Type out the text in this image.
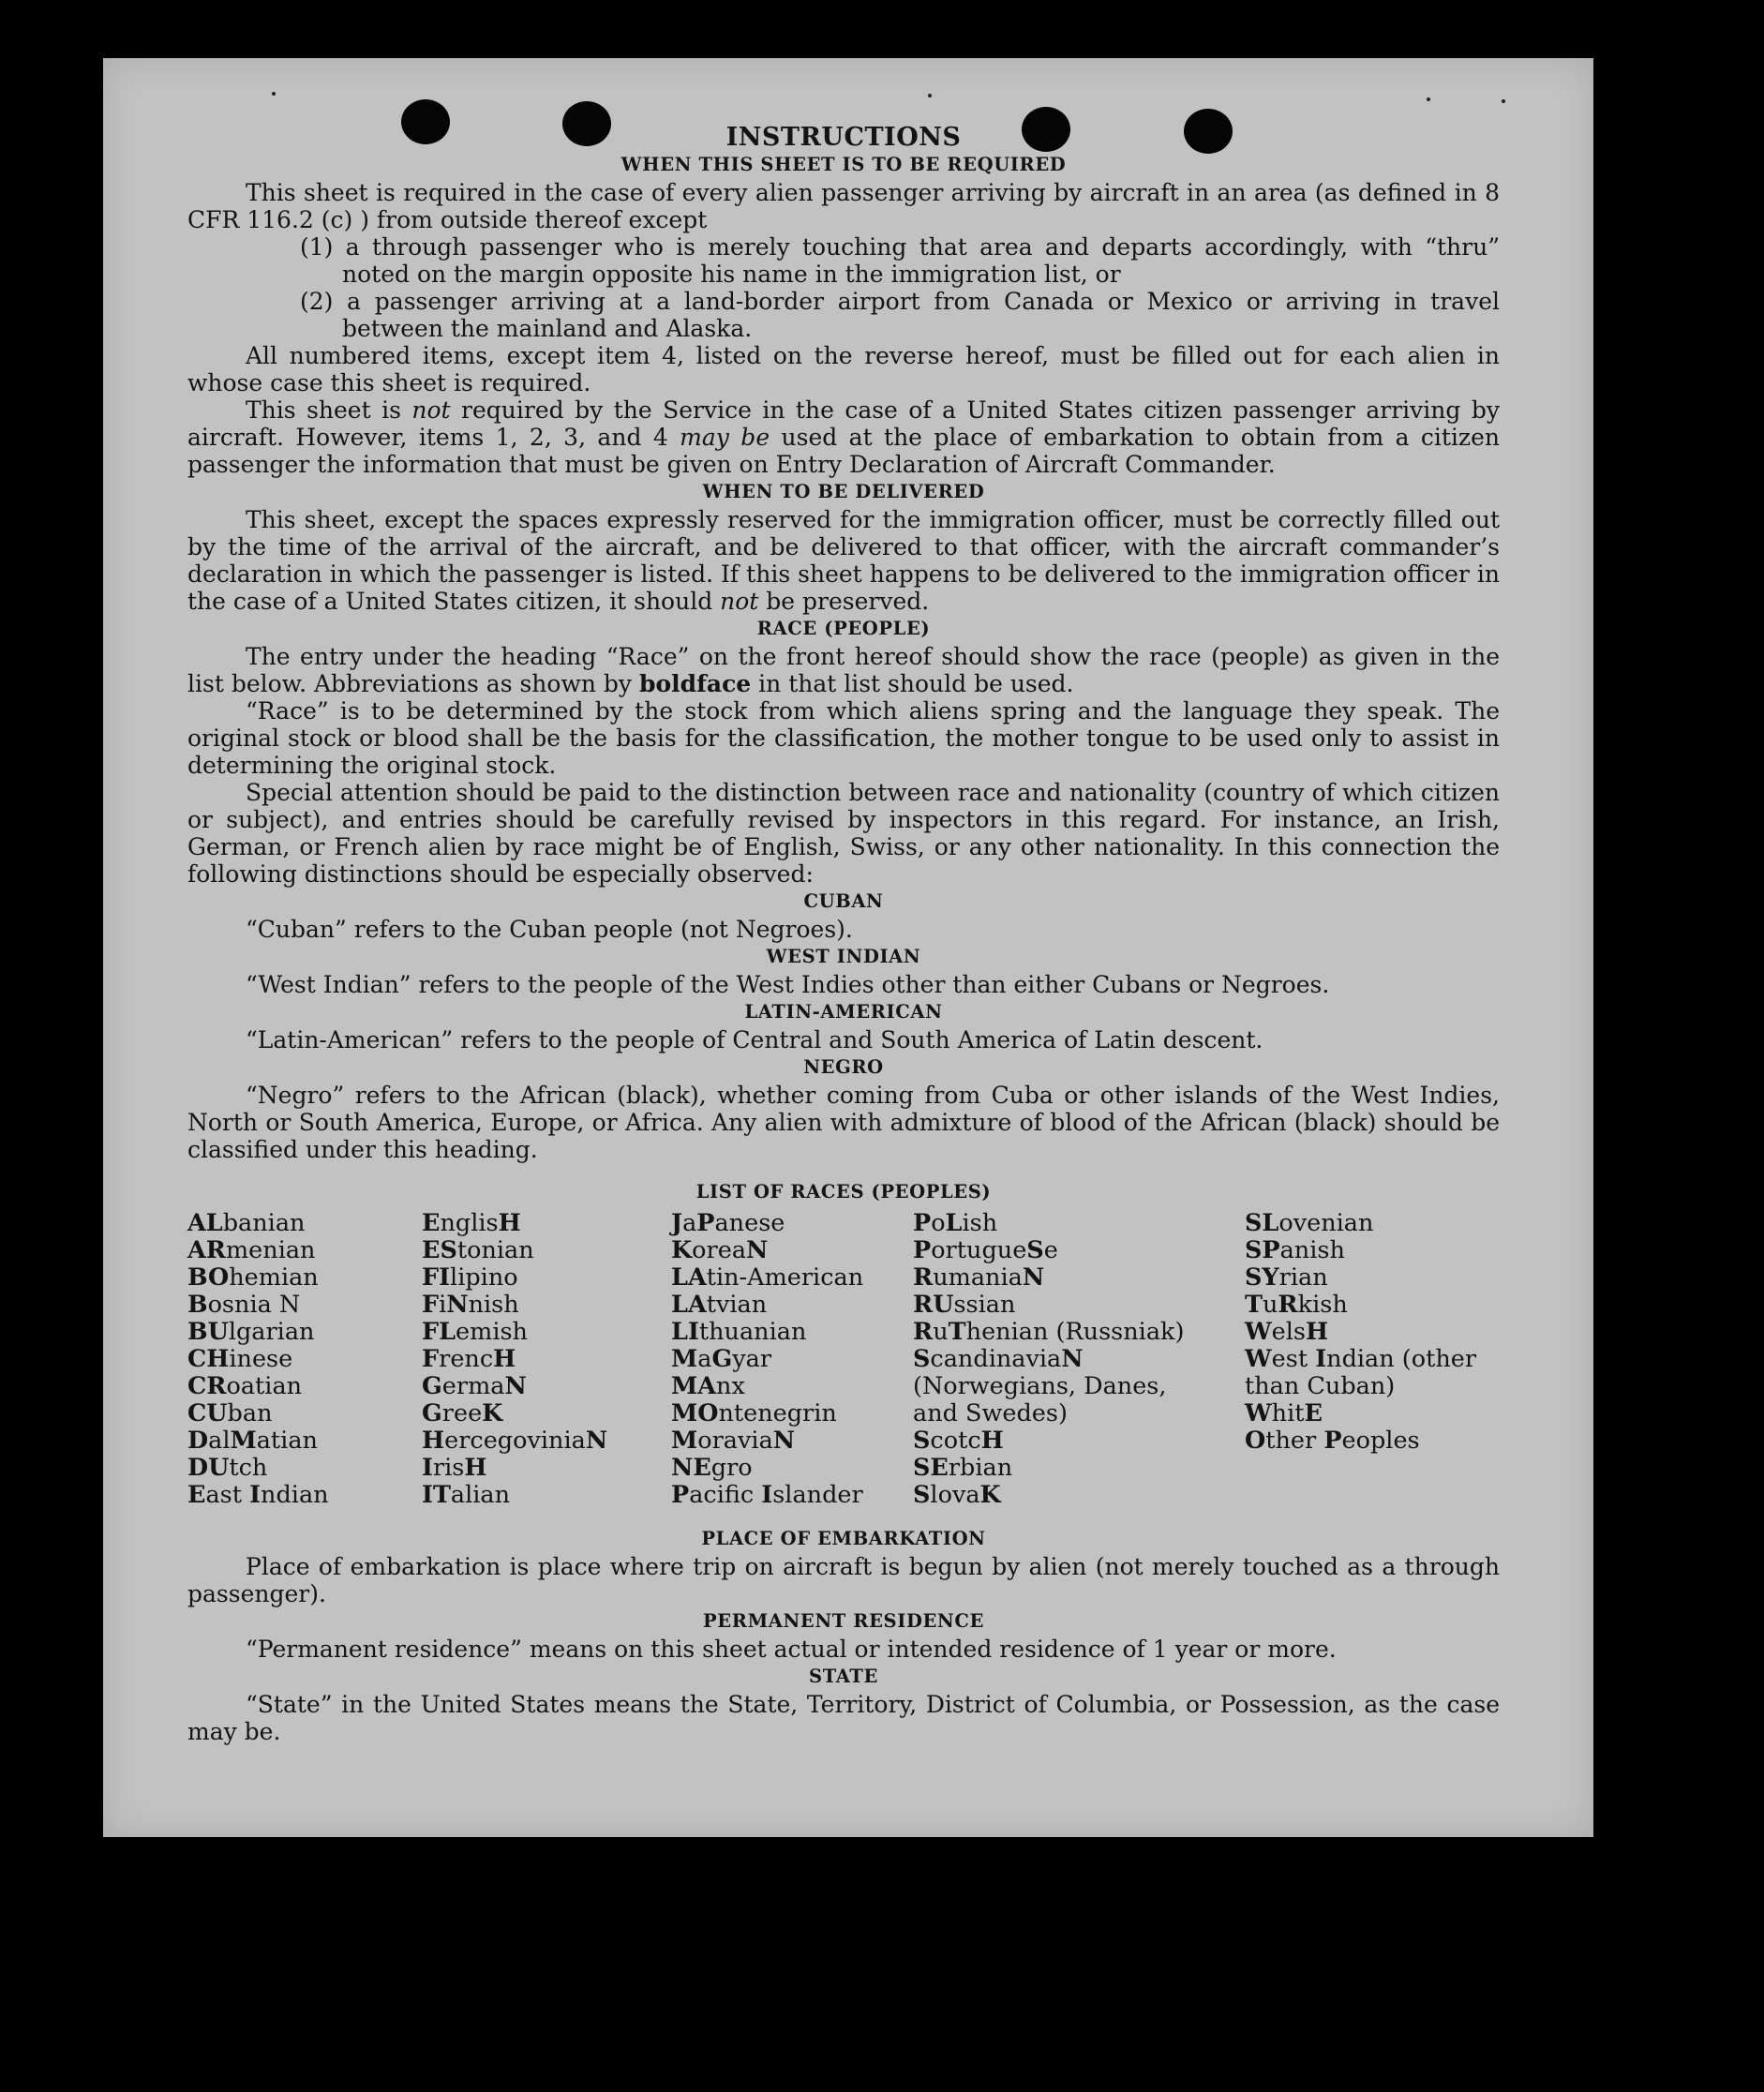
INSTRUCTIONS
WHEN THIS SHEET IS TO BE REQUIRED

This sheet is required in the case of every alien passenger arriving by aircraft in an area (as defined in 8 CFR 116.2 (c) ) from outside thereof except

(1) a through passenger who is merely touching that area and departs accordingly, with “thru” noted on the margin opposite his name in the immigration list, or
(2) a passenger arriving at a land-border airport from Canada or Mexico or arriving in travel between the mainland and Alaska.

All numbered items, except item 4, listed on the reverse hereof, must be filled out for each alien in whose case this sheet is required.

This sheet is not required by the Service in the case of a United States citizen passenger arriving by aircraft. However, items 1, 2, 3, and 4 may be used at the place of embarkation to obtain from a citizen passenger the information that must be given on Entry Declaration of Aircraft Commander.

WHEN TO BE DELIVERED

This sheet, except the spaces expressly reserved for the immigration officer, must be correctly filled out by the time of the arrival of the aircraft, and be delivered to that officer, with the aircraft commander’s declaration in which the passenger is listed. If this sheet happens to be delivered to the immigration officer in the case of a United States citizen, it should not be preserved.

RACE (PEOPLE)

The entry under the heading “Race” on the front hereof should show the race (people) as given in the list below. Abbreviations as shown by boldface in that list should be used.

“Race” is to be determined by the stock from which aliens spring and the language they speak. The original stock or blood shall be the basis for the classification, the mother tongue to be used only to assist in determining the original stock.

Special attention should be paid to the distinction between race and nationality (country of which citizen or subject), and entries should be carefully revised by inspectors in this regard. For instance, an Irish, German, or French alien by race might be of English, Swiss, or any other nationality. In this connection the following distinctions should be especially observed:

CUBAN

“Cuban” refers to the Cuban people (not Negroes).

WEST INDIAN

“West Indian” refers to the people of the West Indies other than either Cubans or Negroes.

LATIN-AMERICAN

“Latin-American” refers to the people of Central and South America of Latin descent.

NEGRO

“Negro” refers to the African (black), whether coming from Cuba or other islands of the West Indies, North or South America, Europe, or Africa. Any alien with admixture of blood of the African (black) should be classified under this heading.

LIST OF RACES (PEOPLES)
ALbanian
ARmenian
BOhemian
Bosnia N
BUlgarian
CHinese
CRoatian
CUban
DalMatian
DUtch
East Indian
EnglisH
EStonian
FIlipino
FiNnish
FLemish
FrencH
GermaN
GreeK
HercegoviniaN
IrisH
ITalian
JaPanese
KoreaN
LAtin-American
LAtvian
LIthuanian
MaGyar
MAnx
MOntenegrin
MoraviaN
NEgro
Pacifc Islander
PoLish
PortugueSe
RumaniaN
RUssian
RuThenian (Russniak)
ScandinaviaN (Norwegians, Danes, and Swedes)
ScotcH
SErbian
SlovaK
SLovenian
SPanish
SYrian
TuRkish
WelsH
West Indian (other than Cuban)
WhitE
Other Peoples
PLACE OF EMBARKATION

Place of embarkation is place where trip on aircraft is begun by alien (not merely touched as a through passenger).

PERMANENT RESIDENCE

“Permanent residence” means on this sheet actual or intended residence of 1 year or more.

STATE

“State” in the United States means the State, Territory, District of Columbia, or Possession, as the case may be.
